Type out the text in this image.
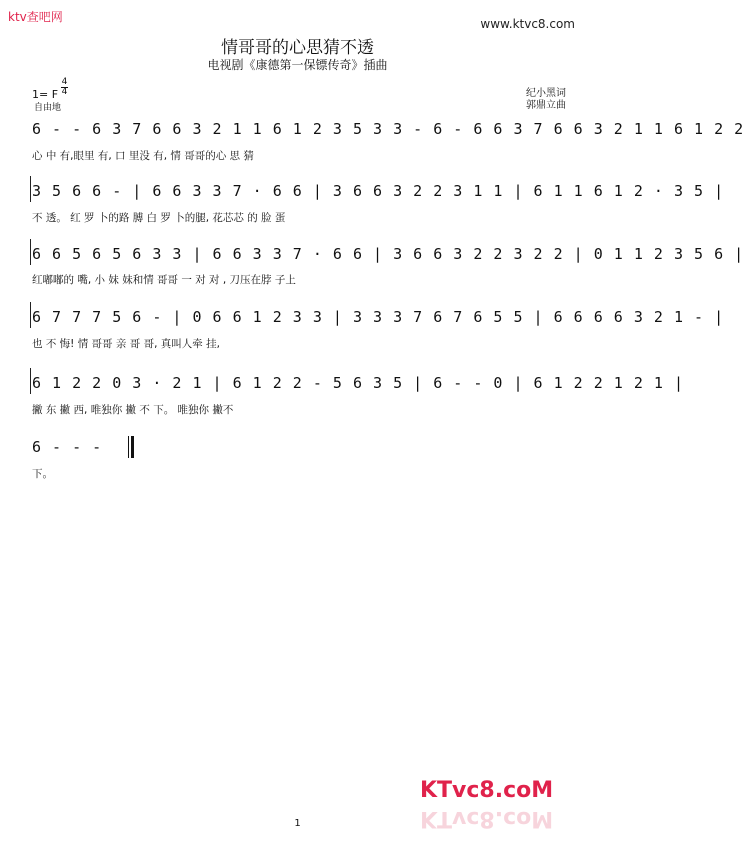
ktv查吧网	www.ktvc8.com
情哥哥的心思猜不透
电视剧《康德第一保镖传奇》插曲
纪小黑词
郭鼎立曲
1= F
4
4
自由地
6 - - 6 3 7 6 6 3 2 1 1 6 1 2 3 5 3 3 - 6 - 6 6 3 7 6 6 3 2 1 1 6 1 2 2
心 中 有,眼里 有, 口 里没 有, 情 哥哥的心 思 猜
3 5 6 6 - | 6 6 3 3 7 · 6 6 | 3 6 6 3 2 2 3 1 1 | 6 1 1 6 1 2 · 3 5 |
不 透。 红 罗 卜的路 膊 白 罗 卜的腿, 花芯芯 的 脸 蛋
6 6 5 6 5 6 3 3 | 6 6 3 3 7 · 6 6 | 3 6 6 3 2 2 3 2 2 | 0 1 1 2 3 5 6 |
红嘟嘟的 嘴, 小 妹 妹和情 哥哥 一 对 对 , 刀压在脖 子上
6 7 7 7 5 6 - | 0 6 6 1 2 3 3 | 3 3 3 7 6 7 6 5 5 | 6 6 6 6 3 2 1 - |
也 不 悔! 情 哥哥 亲 哥 哥, 真叫人牵 挂,
6 1 2 2 0 3 · 2 1 | 6 1 2 2 - 5 6 3 5 | 6 - - 0 | 6 1 2 2 1 2 1 |
撇 东 撇 西, 唯独你 撇 不 下。 唯独你 撇不
6 - - -
下。
KTvc8.coM
KTvc8.coM
1
